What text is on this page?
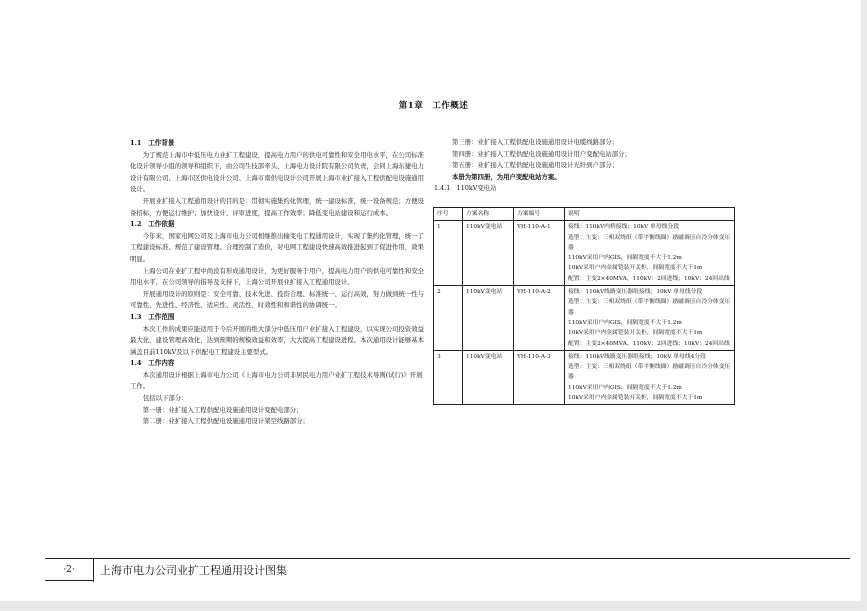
第1章　工作概述
1.1　工作背景

为了规范上海市中低压电力业扩工程建设，提高电力用户的供电可靠性和安全用电水平，在公司标准化设计领导小组的领导和组织下，由公司生技部牵头、上海电力设计院有限公司负责，会同上海东捷电力设计有限公司、上海市区供电设计公司、上海市南供电设计公司开展上海市业扩接入工程供配电设施通用设计。

开展业扩接入工程通用设计的目的是：贯彻实施集约化管理，统一建设标准，统一设备规范；方便设备招标，方便运行维护；加快设计、评审进度，提高工作效率；降低变电站建设和运行成本。

1.2　工作依据

今年来，国家电网公司及上海市电力公司相继推出输变电工程通用设计，实现了集约化管理，统一了工程建设标准、规范了建设管理、合理控制了造价，对电网工程建设快速高效推进起到了促进作用，效果明显。

上海公司在业扩工程中尚没有形成通用设计，为更好服务于用户，提高电力用户的供电可靠性和安全用电水平，在公司领导的指导及支持下，上海公司开展业扩接入工程通用设计。

开展通用设计的原则是：安全可靠、技术先进、投资合理、标准统一、运行高效，努力做到统一性与可靠性、先进性、经济性、适应性、灵活性、时效性和和谐性的协调统一。

1.3　工作范围

本次工作的成果应能适用于今后开展的绝大部分中低压用户业扩接入工程建设，以实现公司投资效益最大化，建设管理高效化，达到预期的规模效益和效率，大大提高工程建设进程。本次通用设计能够基本涵盖目前110kV及以下供配电工程建设主要型式。

1.4　工作内容

本次通用设计根据上海市电力公司《上海市电力公司非居民电力用户业扩工程技术导则(试行)》开展工作。

包括以下部分：

第一册：业扩接入工程供配电设施通用设计变配电部分；

第二册：业扩接入工程供配电设施通用设计架空线路部分；

第三册：业扩接入工程供配电设施通用设计电缆线路部分；

第四册：业扩接入工程供配电设施通用设计用户变配电站部分；

第五册：业扩接入工程供配电设施通用设计光纤到户部分；

本册为第四册，为用户变配电站方案。

1.4.1　110kV变电站

序号	方案名称	方案编号	说明
1	110kV变电站	YH-110-A-1	接线：110kV内桥接线；10kV 单母线分段
选型：主变：三相双绕组（带平衡线圈）励磁调压自冷分体变压器
110kV采用户内GIS，间隔宽度不大于1.2m
10kV采用户内金属铠装开关柜，间隔宽度不大于1m
配置：主变2×40MVA，110kV：2回进线；10kV：24回出线

2	110kV变电站	YH-110-A-2	接线：110kV线路变压器组接线；10kV 单母线分段
选型：主变：三相双绕组（带平衡线圈）励磁调压自冷分体变压器
110kV采用户内GIS，间隔宽度不大于1.2m
10kV采用户内金属铠装开关柜，间隔宽度不大于1m
配置：主变2×40MVA，110kV：2回进线；10kV：24回出线

3	110kV变电站	YH-110-A-3	接线：110kV线路变压器组接线；10kV 单母线4分段
选型：主变：三相双绕组（带平衡线圈）励磁调压自冷分体变压器
110kV采用户内GIS，间隔宽度不大于1.2m
10kV采用户内金属铠装开关柜，间隔宽度不大于1m
·2·	上海市电力公司业扩工程通用设计图集
